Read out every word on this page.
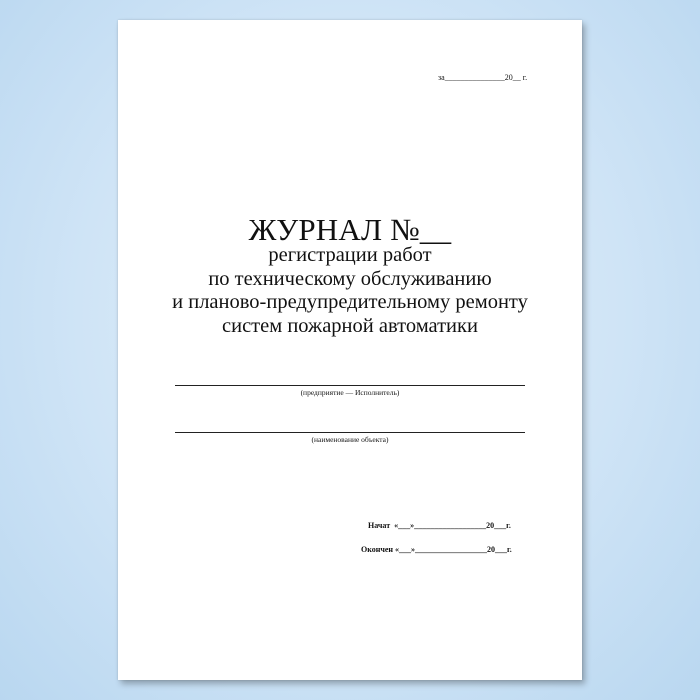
за_______________20__ г.
ЖУРНАЛ №__
регистрации работ
по техническому обслуживанию
и планово-предупредительному ремонту
систем пожарной автоматики
(предприятие — Исполнитель)
(наименование объекта)
Начат «___»__________________20___г.
Окончен «___»__________________20___г.
